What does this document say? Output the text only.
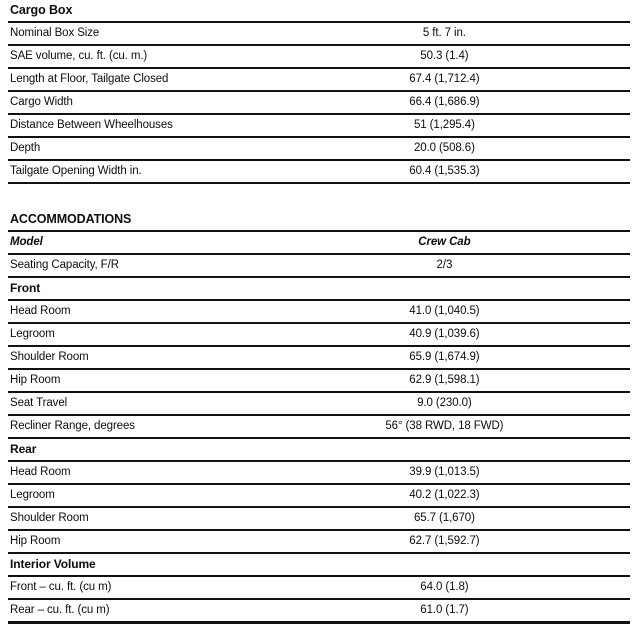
Cargo Box
Nominal Box Size	5 ft. 7 in.
SAE volume, cu. ft. (cu. m.)	50.3 (1.4)
Length at Floor, Tailgate Closed	67.4 (1,712.4)
Cargo Width	66.4 (1,686.9)
Distance Between Wheelhouses	51 (1,295.4)
Depth	20.0 (508.6)
Tailgate Opening Width in.	60.4 (1,535.3)
ACCOMMODATIONS
Model	Crew Cab
Seating Capacity, F/R	2/3
Front
Head Room	41.0 (1,040.5)
Legroom	40.9 (1,039.6)
Shoulder Room	65.9 (1,674.9)
Hip Room	62.9 (1,598.1)
Seat Travel	9.0 (230.0)
Recliner Range, degrees	56° (38 RWD, 18 FWD)
Rear
Head Room	39.9 (1,013.5)
Legroom	40.2 (1,022.3)
Shoulder Room	65.7 (1,670)
Hip Room	62.7 (1,592.7)
Interior Volume
Front – cu. ft. (cu m)	64.0 (1.8)
Rear – cu. ft. (cu m)	61.0 (1.7)
